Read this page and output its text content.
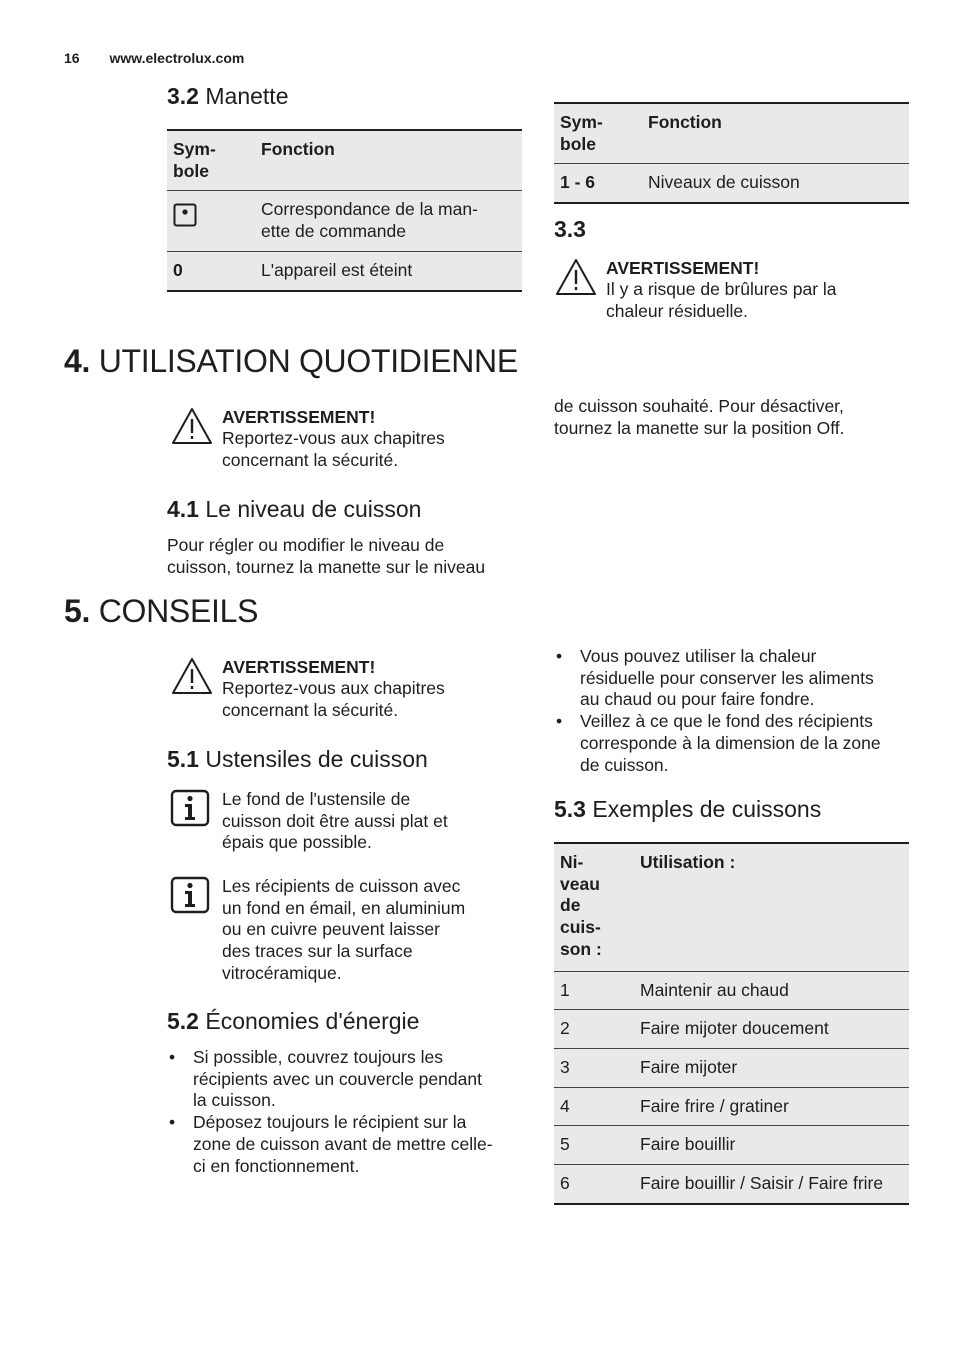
16 www.electrolux.com
3.2 Manette
Sym-
bole	Fonction
	Correspondance de la man-
ette de commande
0	L'appareil est éteint
Sym-
bole	Fonction
1 - 6	Niveaux de cuisson
3.3
AVERTISSEMENT!
Il y a risque de brûlures par la
chaleur résiduelle.
4. UTILISATION QUOTIDIENNE
AVERTISSEMENT!
Reportez-vous aux chapitres
concernant la sécurité.
4.1 Le niveau de cuisson
Pour régler ou modifier le niveau de
cuisson, tournez la manette sur le niveau
de cuisson souhaité. Pour désactiver,
tournez la manette sur la position Off.
5. CONSEILS
AVERTISSEMENT!
Reportez-vous aux chapitres
concernant la sécurité.
5.1 Ustensiles de cuisson
Le fond de l'ustensile de
cuisson doit être aussi plat et
épais que possible.
Les récipients de cuisson avec
un fond en émail, en aluminium
ou en cuivre peuvent laisser
des traces sur la surface
vitrocéramique.
5.2 Économies d'énergie
• Si possible, couvrez toujours les
récipients avec un couvercle pendant
la cuisson.
• Déposez toujours le récipient sur la
zone de cuisson avant de mettre celle-
ci en fonctionnement.
• Vous pouvez utiliser la chaleur
résiduelle pour conserver les aliments
au chaud ou pour faire fondre.
• Veillez à ce que le fond des récipients
corresponde à la dimension de la zone
de cuisson.
5.3 Exemples de cuissons
Ni-
veau
de
cuis-
son :	Utilisation :
1	Maintenir au chaud
2	Faire mijoter doucement
3	Faire mijoter
4	Faire frire / gratiner
5	Faire bouillir
6	Faire bouillir / Saisir / Faire frire
